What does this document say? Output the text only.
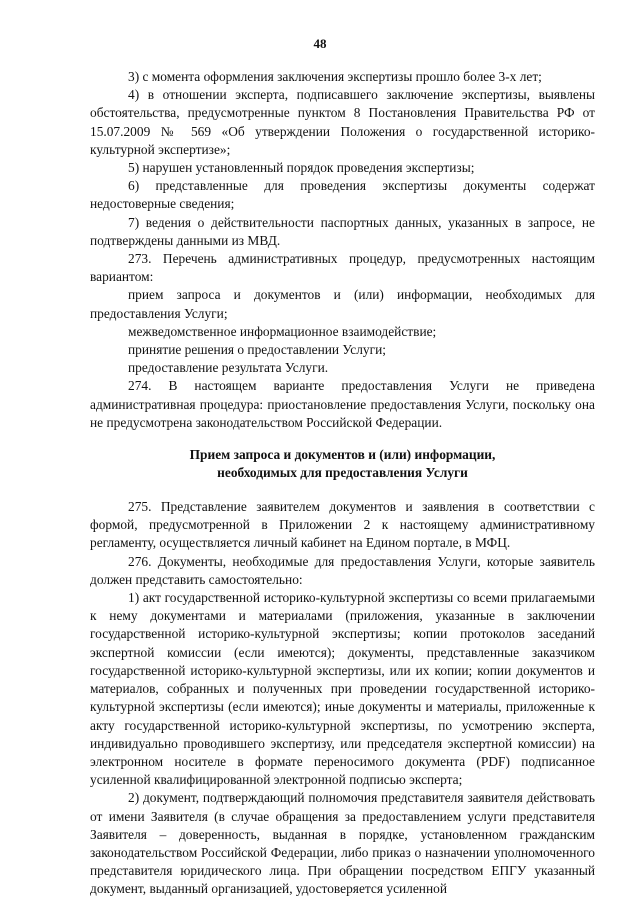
48

3) с момента оформления заключения экспертизы прошло более 3-х лет;

4) в отношении эксперта, подписавшего заключение экспертизы, выявлены обстоятельства, предусмотренные пунктом 8 Постановления Правительства РФ от 15.07.2009 № 569 «Об утверждении Положения о государственной историко-культурной экспертизе»;

5) нарушен установленный порядок проведения экспертизы;

6) представленные для проведения экспертизы документы содержат недостоверные сведения;

7) ведения о действительности паспортных данных, указанных в запросе, не подтверждены данными из МВД.

273. Перечень административных процедур, предусмотренных настоящим вариантом:

прием запроса и документов и (или) информации, необходимых для предоставления Услуги;

межведомственное информационное взаимодействие;

принятие решения о предоставлении Услуги;

предоставление результата Услуги.

274. В настоящем варианте предоставления Услуги не приведена административная процедура: приостановление предоставления Услуги, поскольку она не предусмотрена законодательством Российской Федерации.

Прием запроса и документов и (или) информации,
необходимых для предоставления Услуги

275. Представление заявителем документов и заявления в соответствии с формой, предусмотренной в Приложении 2 к настоящему административному регламенту, осуществляется личный кабинет на Едином портале, в МФЦ.

276. Документы, необходимые для предоставления Услуги, которые заявитель должен представить самостоятельно:

1) акт государственной историко-культурной экспертизы со всеми прилагаемыми к нему документами и материалами (приложения, указанные в заключении государственной историко-культурной экспертизы; копии протоколов заседаний экспертной комиссии (если имеются); документы, представленные заказчиком государственной историко-культурной экспертизы, или их копии; копии документов и материалов, собранных и полученных при проведении государственной историко-культурной экспертизы (если имеются); иные документы и материалы, приложенные к акту государственной историко-культурной экспертизы, по усмотрению эксперта, индивидуально проводившего экспертизу, или председателя экспертной комиссии) на электронном носителе в формате переносимого документа (PDF) подписанное усиленной квалифицированной электронной подписью эксперта;

2) документ, подтверждающий полномочия представителя заявителя действовать от имени Заявителя (в случае обращения за предоставлением услуги представителя Заявителя – доверенность, выданная в порядке, установленном гражданским законодательством Российской Федерации, либо приказ о назначении уполномоченного представителя юридического лица. При обращении посредством ЕПГУ указанный документ, выданный организацией, удостоверяется усиленной
